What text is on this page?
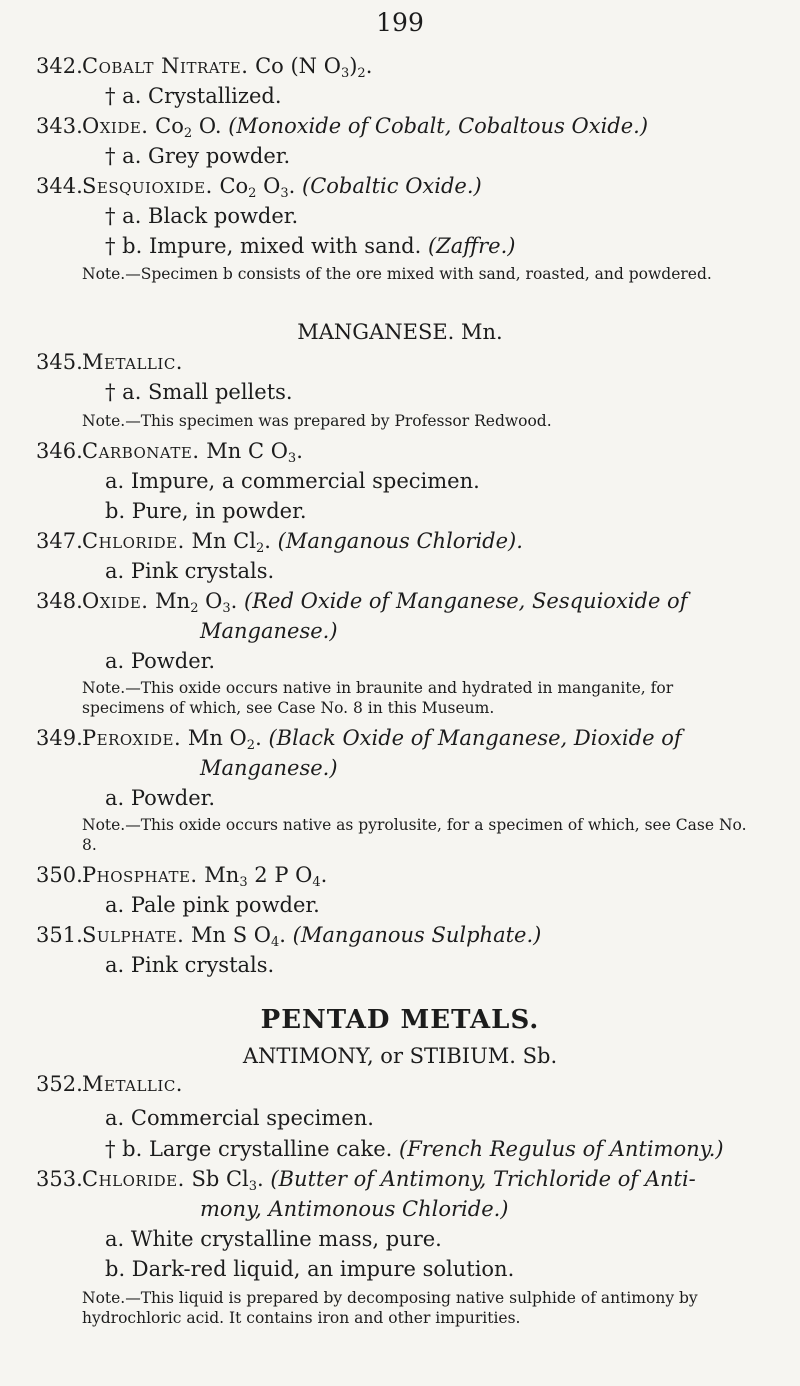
199
342. Cobalt Nitrate. Co (N $O_3)_2$.
† a. Crystallized.
343. Oxide. $Co_2$ O. (Monoxide of Cobalt, Cobaltous Oxide.)
† a. Grey powder.
344. Sesquioxide. $Co_2$ $O_3$. (Cobaltic Oxide.)
† a. Black powder.
† b. Impure, mixed with sand. (Zaffre.)
Note.—Specimen b consists of the ore mixed with sand, roasted, and powdered.
MANGANESE. Mn.
345. Metallic.
† a. Small pellets.
Note.—This specimen was prepared by Professor Redwood.
346. Carbonate. Mn C $O_3$.
a. Impure, a commercial specimen.
b. Pure, in powder.
347. Chloride. Mn $Cl_2$. (Manganous Chloride).
a. Pink crystals.
348. Oxide. $Mn_2$ $O_3$. (Red Oxide of Manganese, Sesquioxide of
Manganese.)
a. Powder.
Note.—This oxide occurs native in braunite and hydrated in manganite, for specimens of which, see Case No. 8 in this Museum.
349. Peroxide. Mn $O_2$. (Black Oxide of Manganese, Dioxide of
Manganese.)
a. Powder.
Note.—This oxide occurs native as pyrolusite, for a specimen of which, see Case No. 8.
350. Phosphate. $Mn_3$ 2 P $O_4$.
a. Pale pink powder.
351. Sulphate. Mn S $O_4$. (Manganous Sulphate.)
a. Pink crystals.
PENTAD METALS.
ANTIMONY, or STIBIUM. Sb.
352. Metallic.
a. Commercial specimen.
† b. Large crystalline cake. (French Regulus of Antimony.)
353. Chloride. Sb $Cl_3$. (Butter of Antimony, Trichloride of Anti-
mony, Antimonous Chloride.)
a. White crystalline mass, pure.
b. Dark-red liquid, an impure solution.
Note.—This liquid is prepared by decomposing native sulphide of antimony by hydrochloric acid. It contains iron and other impurities.
